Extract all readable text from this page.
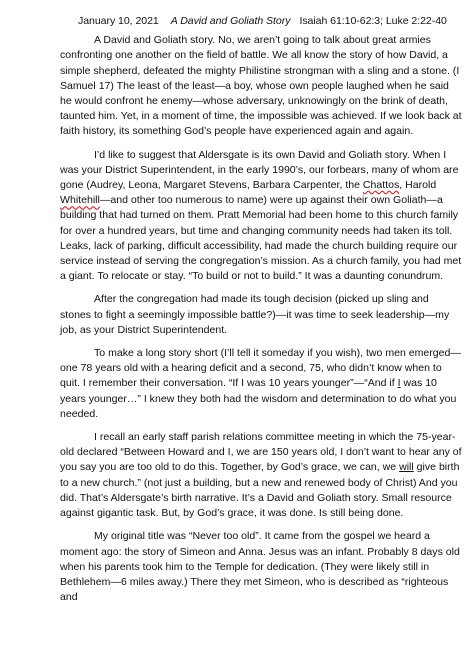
January 10, 2021 A David and Goliath Story Isaiah 61:10-62:3; Luke 2:22-40

A David and Goliath story. No, we aren’t going to talk about great armies confronting one another on the field of battle. We all know the story of how David, a simple shepherd, defeated the mighty Philistine strongman with a sling and a stone. (I Samuel 17) The least of the least—a boy, whose own people laughed when he said he would confront he enemy—whose adversary, unknowingly on the brink of death, taunted him. Yet, in a moment of time, the impossible was achieved. If we look back at faith history, its something God’s people have experienced again and again.

I’d like to suggest that Aldersgate is its own David and Goliath story. When I was your District Superintendent, in the early 1990’s, our forbears, many of whom are gone (Audrey, Leona, Margaret Stevens, Barbara Carpenter, the Chattos, Harold Whitehill—and other too numerous to name) were up against their own Goliath—a building that had turned on them. Pratt Memorial had been home to this church family for over a hundred years, but time and changing community needs had taken its toll. Leaks, lack of parking, difficult accessibility, had made the church building require our service instead of serving the congregation’s mission. As a church family, you had met a giant. To relocate or stay. “To build or not to build.” It was a daunting conundrum.

After the congregation had made its tough decision (picked up sling and stones to fight a seemingly impossible battle?)—it was time to seek leadership—my job, as your District Superintendent.

To make a long story short (I’ll tell it someday if you wish), two men emerged—one 78 years old with a hearing deficit and a second, 75, who didn’t know when to quit. I remember their conversation. “If I was 10 years younger”—“And if I was 10 years younger…” I knew they both had the wisdom and determination to do what you needed.

I recall an early staff parish relations committee meeting in which the 75-year-old declared “Between Howard and I, we are 150 years old, I don’t want to hear any of you say you are too old to do this. Together, by God’s grace, we can, we will give birth to a new church.” (not just a building, but a new and renewed body of Christ) And you did. That’s Aldersgate’s birth narrative. It’s a David and Goliath story. Small resource against gigantic task. But, by God’s grace, it was done. Is still being done.

My original title was “Never too old”. It came from the gospel we heard a moment ago: the story of Simeon and Anna. Jesus was an infant. Probably 8 days old when his parents took him to the Temple for dedication. (They were likely still in Bethlehem—6 miles away.) There they met Simeon, who is described as “righteous and
